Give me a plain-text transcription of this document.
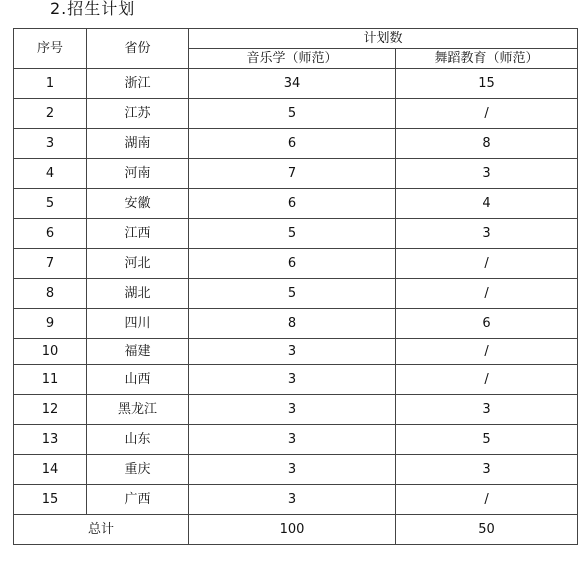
2.招生计划
序号	省份	计划数	
		音乐学（师范）	舞蹈教育（师范）
1	浙江	34	15
2	江苏	5	/
3	湖南	6	8
4	河南	7	3
5	安徽	6	4
6	江西	5	3
7	河北	6	/
8	湖北	5	/
9	四川	8	6
10	福建	3	/
11	山西	3	/
12	黑龙江	3	3
13	山东	3	5
14	重庆	3	3
15	广西	3	/
总计		100	50
